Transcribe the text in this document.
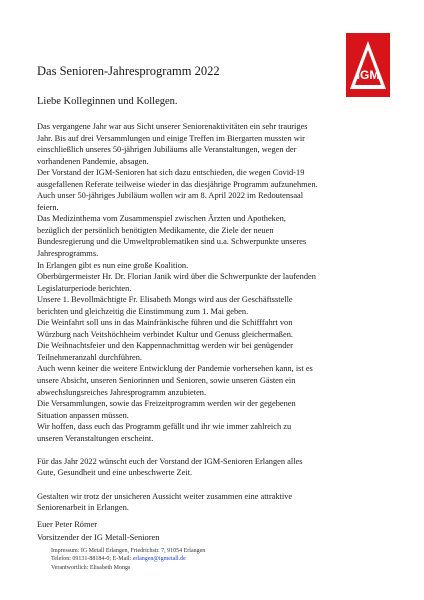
IGM
Das Senioren-Jahresprogramm 2022
Liebe Kolleginnen und Kollegen.
Das vergangene Jahr war aus Sicht unserer Seniorenaktivitäten ein sehr trauriges
Jahr. Bis auf drei Versammlungen und einige Treffen im Biergarten mussten wir
einschließlich unseres 50-jährigen Jubiläums alle Veranstaltungen, wegen der
vorhandenen Pandemie, absagen.
Der Vorstand der IGM-Senioren hat sich dazu entschieden, die wegen Covid-19
ausgefallenen Referate teilweise wieder in das diesjährige Programm aufzunehmen.
Auch unser 50-jähriges Jubiläum wollen wir am 8. April 2022 im Redoutensaal
feiern.
Das Medizinthema vom Zusammenspiel zwischen Ärzten und Apotheken,
bezüglich der persönlich benötigten Medikamente, die Ziele der neuen
Bundesregierung und die Umweltproblematiken sind u.a. Schwerpunkte unseres
Jahresprogramms.
In Erlangen gibt es nun eine große Koalition.
Oberbürgermeister Hr. Dr. Florian Janik wird über die Schwerpunkte der laufenden
Legislaturperiode berichten.
Unsere 1. Bevollmächtigte Fr. Elisabeth Mongs wird aus der Geschäftsstelle
berichten und gleichzeitig die Einstimmung zum 1. Mai geben.
Die Weinfahrt soll uns in das Mainfränkische führen und die Schifffahrt von
Würzburg nach Veitshöchheim verbindet Kultur und Genuss gleichermaßen.
Die Weihnachtsfeier und den Kappennachmittag werden wir bei genügender
Teilnehmeranzahl durchführen.
Auch wenn keiner die weitere Entwicklung der Pandemie vorhersehen kann, ist es
unsere Absicht, unseren Seniorinnen und Senioren, sowie unseren Gästen ein
abwechslungsreiches Jahresprogramm anzubieten.
Die Versammlungen, sowie das Freizeitprogramm werden wir der gegebenen
Situation anpassen müssen.
Wir hoffen, dass euch das Programm gefällt und ihr wie immer zahlreich zu
unseren Veranstaltungen erscheint.
Für das Jahr 2022 wünscht euch der Vorstand der IGM-Senioren Erlangen alles
Gute, Gesundheit und eine unbeschwerte Zeit.
Gestalten wir trotz der unsicheren Aussicht weiter zusammen eine attraktive
Seniorenarbeit in Erlangen.
Euer Peter Römer
Vorsitzender der IG Metall-Senioren
Impressum: IG Metall Erlangen, Friedrichstr. 7, 91054 Erlangen
Telefon: 09131-88184-0; E-Mail: erlangen@igmetall.de
Verantwortlich: Elisabeth Mongs
